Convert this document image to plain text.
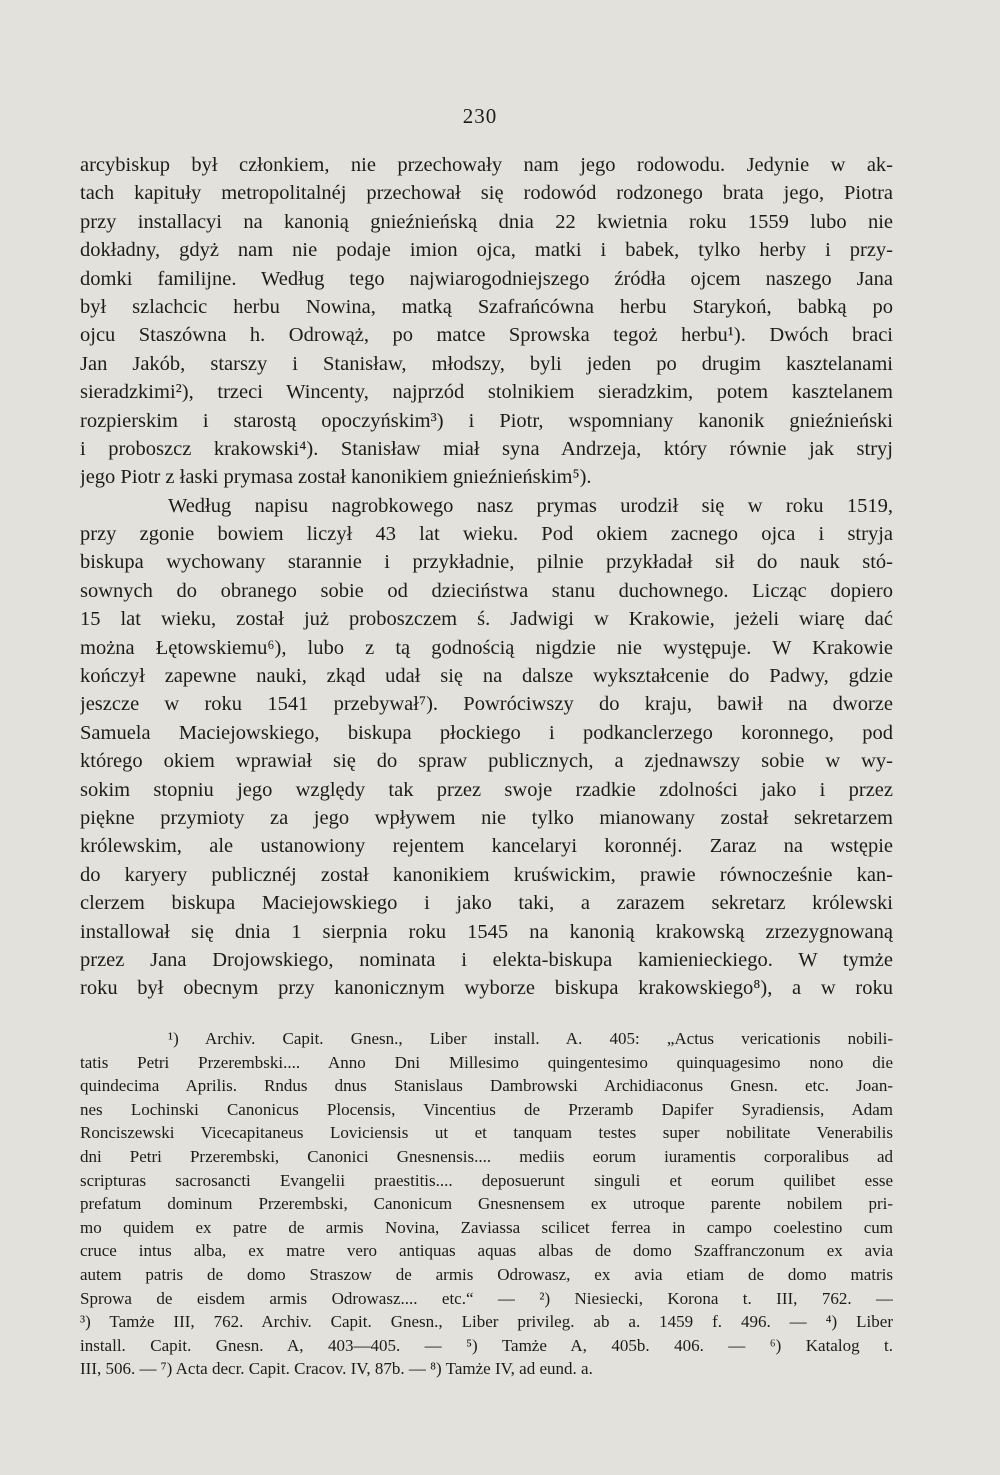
230
arcybiskup był członkiem, nie przechowały nam jego rodowodu. Jedynie w ak-
tach kapituły metropolitalnéj przechował się rodowód rodzonego brata jego, Piotra
przy installacyi na kanonią gnieźnieńską dnia 22 kwietnia roku 1559 lubo nie
dokładny, gdyż nam nie podaje imion ojca, matki i babek, tylko herby i przy-
domki familijne. Według tego najwiarogodniejszego źródła ojcem naszego Jana
był szlachcic herbu Nowina, matką Szafrańcówna herbu Starykoń, babką po
ojcu Staszówna h. Odrowąż, po matce Sprowska tegoż herbu¹). Dwóch braci
Jan Jakób, starszy i Stanisław, młodszy, byli jeden po drugim kasztelanami
sieradzkimi²), trzeci Wincenty, najprzód stolnikiem sieradzkim, potem kasztelanem
rozpierskim i starostą opoczyńskim³) i Piotr, wspomniany kanonik gnieźnieński
i proboszcz krakowski⁴). Stanisław miał syna Andrzeja, który równie jak stryj
jego Piotr z łaski prymasa został kanonikiem gnieźnieńskim⁵).
Według napisu nagrobkowego nasz prymas urodził się w roku 1519,
przy zgonie bowiem liczył 43 lat wieku. Pod okiem zacnego ojca i stryja
biskupa wychowany starannie i przykładnie, pilnie przykładał sił do nauk stó-
sownych do obranego sobie od dzieciństwa stanu duchownego. Licząc dopiero
15 lat wieku, został już proboszczem ś. Jadwigi w Krakowie, jeżeli wiarę dać
można Łętowskiemu⁶), lubo z tą godnością nigdzie nie występuje. W Krakowie
kończył zapewne nauki, zkąd udał się na dalsze wykształcenie do Padwy, gdzie
jeszcze w roku 1541 przebywał⁷). Powróciwszy do kraju, bawił na dworze
Samuela Maciejowskiego, biskupa płockiego i podkanclerzego koronnego, pod
którego okiem wprawiał się do spraw publicznych, a zjednawszy sobie w wy-
sokim stopniu jego względy tak przez swoje rzadkie zdolności jako i przez
piękne przymioty za jego wpływem nie tylko mianowany został sekretarzem
królewskim, ale ustanowiony rejentem kancelaryi koronnéj. Zaraz na wstępie
do karyery publicznéj został kanonikiem kruświckim, prawie równocześnie kan-
clerzem biskupa Maciejowskiego i jako taki, a zarazem sekretarz królewski
installował się dnia 1 sierpnia roku 1545 na kanonią krakowską zrzezygnowaną
przez Jana Drojowskiego, nominata i elekta-biskupa kamienieckiego. W tymże
roku był obecnym przy kanonicznym wyborze biskupa krakowskiego⁸), a w roku
¹) Archiv. Capit. Gnesn., Liber install. A. 405: „Actus vericationis nobili-
tatis Petri Przerembski.... Anno Dni Millesimo quingentesimo quinquagesimo nono die
quindecima Aprilis. Rndus dnus Stanislaus Dambrowski Archidiaconus Gnesn. etc. Joan-
nes Lochinski Canonicus Plocensis, Vincentius de Przeramb Dapifer Syradiensis, Adam
Ronciszewski Vicecapitaneus Loviciensis ut et tanquam testes super nobilitate Venerabilis
dni Petri Przerembski, Canonici Gnesnensis.... mediis eorum iuramentis corporalibus ad
scripturas sacrosancti Evangelii praestitis.... deposuerunt singuli et eorum quilibet esse
prefatum dominum Przerembski, Canonicum Gnesnensem ex utroque parente nobilem pri-
mo quidem ex patre de armis Novina, Zaviassa scilicet ferrea in campo coelestino cum
cruce intus alba, ex matre vero antiquas aquas albas de domo Szaffranczonum ex avia
autem patris de domo Straszow de armis Odrowasz, ex avia etiam de domo matris
Sprowa de eisdem armis Odrowasz.... etc.“ — ²) Niesiecki, Korona t. III, 762. —
³) Tamże III, 762. Archiv. Capit. Gnesn., Liber privileg. ab a. 1459 f. 496. — ⁴) Liber
install. Capit. Gnesn. A, 403—405. — ⁵) Tamże A, 405b. 406. — ⁶) Katalog t.
III, 506. — ⁷) Acta decr. Capit. Cracov. IV, 87b. — ⁸) Tamże IV, ad eund. a.
